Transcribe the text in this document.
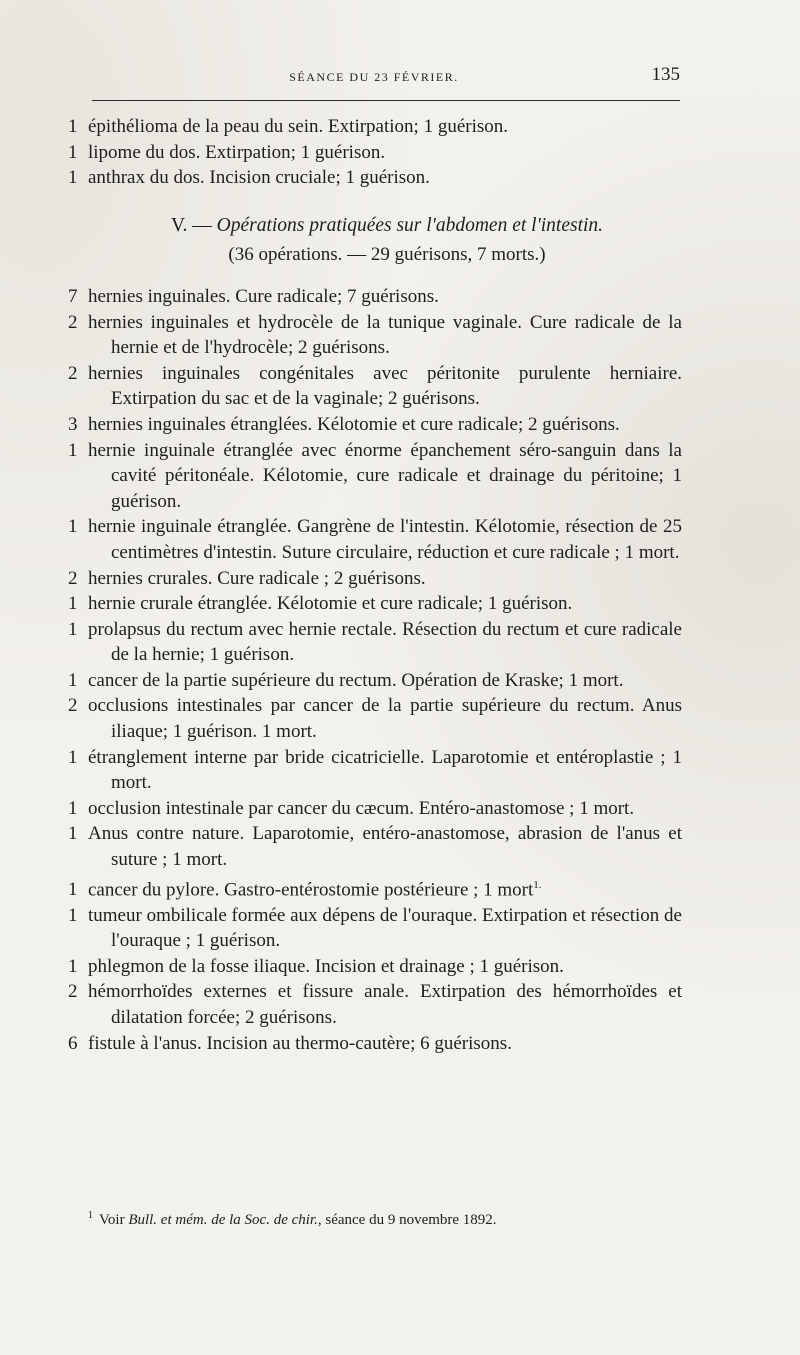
SÉANCE DU 23 FÉVRIER.	135

1 épithélioma de la peau du sein. Extirpation; 1 guérison.

1 lipome du dos. Extirpation; 1 guérison.

1 anthrax du dos. Incision cruciale; 1 guérison.

V. — Opérations pratiquées sur l'abdomen et l'intestin.

(36 opérations. — 29 guérisons, 7 morts.)

7 hernies inguinales. Cure radicale; 7 guérisons.

2 hernies inguinales et hydrocèle de la tunique vaginale. Cure radicale de la hernie et de l'hydrocèle; 2 guérisons.

2 hernies inguinales congénitales avec péritonite purulente herniaire. Extirpation du sac et de la vaginale; 2 guérisons.

3 hernies inguinales étranglées. Kélotomie et cure radicale; 2 guérisons.

1 hernie inguinale étranglée avec énorme épanchement séro-sanguin dans la cavité péritonéale. Kélotomie, cure radicale et drainage du péritoine; 1 guérison.

1 hernie inguinale étranglée. Gangrène de l'intestin. Kélotomie, résection de 25 centimètres d'intestin. Suture circulaire, réduction et cure radicale ; 1 mort.

2 hernies crurales. Cure radicale ; 2 guérisons.

1 hernie crurale étranglée. Kélotomie et cure radicale; 1 guérison.

1 prolapsus du rectum avec hernie rectale. Résection du rectum et cure radicale de la hernie; 1 guérison.

1 cancer de la partie supérieure du rectum. Opération de Kraske; 1 mort.

2 occlusions intestinales par cancer de la partie supérieure du rectum. Anus iliaque; 1 guérison. 1 mort.

1 étranglement interne par bride cicatricielle. Laparotomie et entéroplastie ; 1 mort.

1 occlusion intestinale par cancer du cæcum. Entéro-anastomose ; 1 mort.

1 Anus contre nature. Laparotomie, entéro-anastomose, abrasion de l'anus et suture ; 1 mort.

1 cancer du pylore. Gastro-entérostomie postérieure ; 1 mort$^{1.}$

1 tumeur ombilicale formée aux dépens de l'ouraque. Extirpation et résection de l'ouraque ; 1 guérison.

1 phlegmon de la fosse iliaque. Incision et drainage ; 1 guérison.

2 hémorrhoïdes externes et fissure anale. Extirpation des hémorrhoïdes et dilatation forcée; 2 guérisons.

6 fistule à l'anus. Incision au thermo-cautère; 6 guérisons.

$^1$ Voir Bull. et mém. de la Soc. de chir., séance du 9 novembre 1892.
